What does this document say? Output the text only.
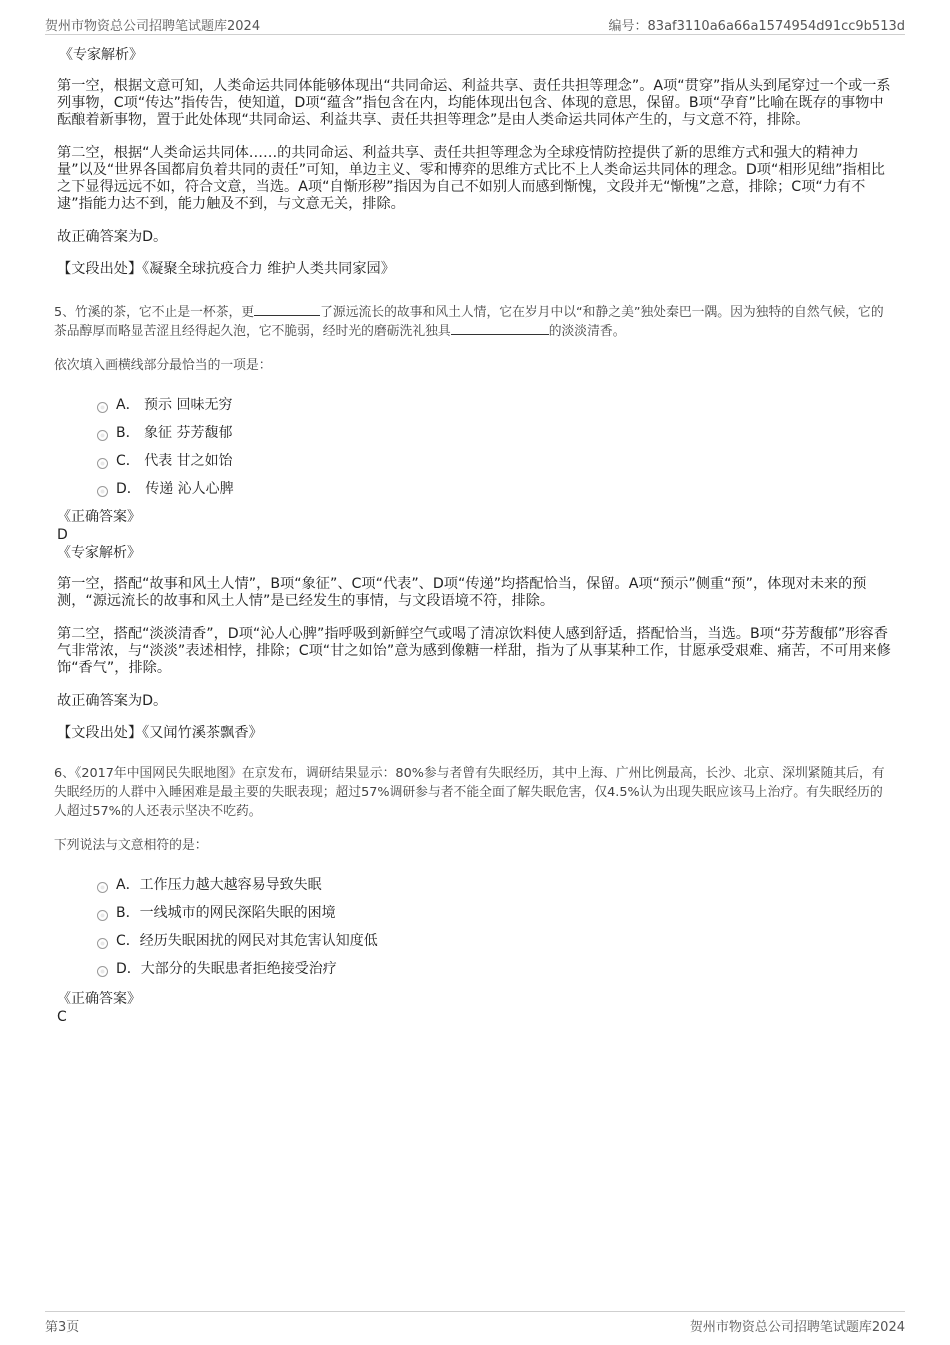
贺州市物资总公司招聘笔试题库2024	编号：83af3110a6a66a1574954d91cc9b513d
《专家解析》

第一空，根据文意可知，人类命运共同体能够体现出“共同命运、利益共享、责任共担等理念”。A项“贯穿”指从头到尾穿过一个或一系列事物，C项“传达”指传告，使知道，D项“蕴含”指包含在内，均能体现出包含、体现的意思，保留。B项“孕育”比喻在既存的事物中酝酿着新事物，置于此处体现“共同命运、利益共享、责任共担等理念”是由人类命运共同体产生的，与文意不符，排除。

第二空，根据“人类命运共同体……的共同命运、利益共享、责任共担等理念为全球疫情防控提供了新的思维方式和强大的精神力量”以及“世界各国都肩负着共同的责任”可知，单边主义、零和博弈的思维方式比不上人类命运共同体的理念。D项“相形见绌”指相比之下显得远远不如，符合文意，当选。A项“自惭形秽”指因为自己不如别人而感到惭愧，文段并无“惭愧”之意，排除；C项“力有不逮”指能力达不到，能力触及不到，与文意无关，排除。

故正确答案为D。

【文段出处】《凝聚全球抗疫合力 维护人类共同家园》

5、竹溪的茶，它不止是一杯茶，更	了源远流长的故事和风土人情，它在岁月中以“和静之美”独处秦巴一隅。因为独特的自然气候，它的茶品醇厚而略显苦涩且经得起久泡，它不脆弱，经时光的磨砺洗礼独具	的淡淡清香。

依次填入画横线部分最恰当的一项是：

A． 预示 回味无穷
B． 象征 芬芳馥郁
C． 代表 甘之如饴
D． 传递 沁人心脾
《正确答案》
D
《专家解析》

第一空，搭配“故事和风土人情”，B项“象征”、C项“代表”、D项“传递”均搭配恰当，保留。A项“预示”侧重“预”，体现对未来的预测，“源远流长的故事和风土人情”是已经发生的事情，与文段语境不符，排除。

第二空，搭配“淡淡清香”，D项“沁人心脾”指呼吸到新鲜空气或喝了清凉饮料使人感到舒适，搭配恰当，当选。B项“芬芳馥郁”形容香气非常浓，与“淡淡”表述相悖，排除；C项“甘之如饴”意为感到像糖一样甜，指为了从事某种工作，甘愿承受艰难、痛苦，不可用来修饰“香气”，排除。

故正确答案为D。

【文段出处】《又闻竹溪茶飘香》

6、《2017年中国网民失眠地图》在京发布，调研结果显示：80%参与者曾有失眠经历，其中上海、广州比例最高，长沙、北京、深圳紧随其后，有失眠经历的人群中入睡困难是最主要的失眠表现；超过57%调研参与者不能全面了解失眠危害，仅4.5%认为出现失眠应该马上治疗。有失眠经历的人超过57%的人还表示坚决不吃药。

下列说法与文意相符的是：

A．工作压力越大越容易导致失眠
B．一线城市的网民深陷失眠的困境
C．经历失眠困扰的网民对其危害认知度低
D．大部分的失眠患者拒绝接受治疗
《正确答案》
C
第3页	贺州市物资总公司招聘笔试题库2024
